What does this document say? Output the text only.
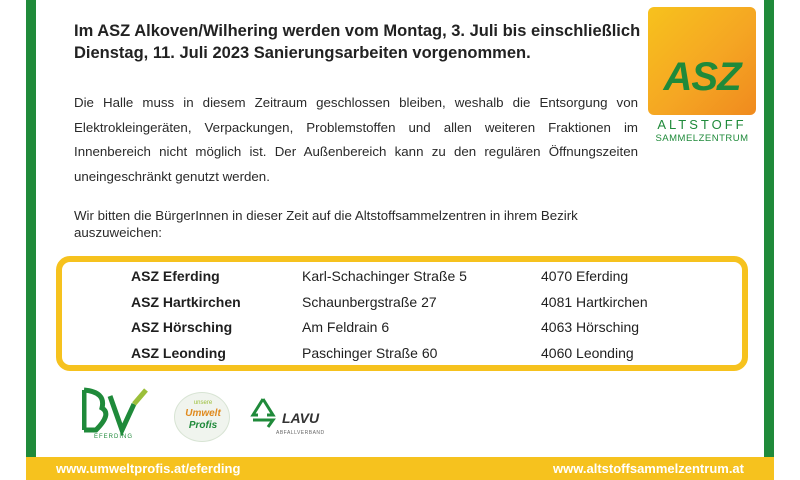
Im ASZ Alkoven/Wilhering werden vom Montag, 3. Juli bis einschließlich Dienstag, 11. Juli 2023 Sanierungsarbeiten vorgenommen.
ASZ
ALTSTOFF
SAMMELZENTRUM

Die Halle muss in diesem Zeitraum geschlossen bleiben, weshalb die Entsorgung von Elektrokleingeräten, Verpackungen, Problemstoffen und allen weiteren Fraktionen im Innenbereich nicht möglich ist. Der Außenbereich kann zu den regulären Öffnungszeiten uneingeschränkt genutzt werden.

Wir bitten die BürgerInnen in dieser Zeit auf die Altstoffsammelzentren in ihrem Bezirk auszuweichen:

ASZ Eferding	Karl-Schachinger Straße 5	4070 Eferding
ASZ Hartkirchen	Schaunbergstraße 27	4081 Hartkirchen
ASZ Hörsching	Am Feldrain 6	4063 Hörsching
ASZ Leonding	Paschinger Straße 60	4060 Leonding
EFERDING
unsere
Umwelt
Profis	LAVU
ABFALLVERBAND
www.umweltprofis.at/eferding	www.altstoffsammelzentrum.at
